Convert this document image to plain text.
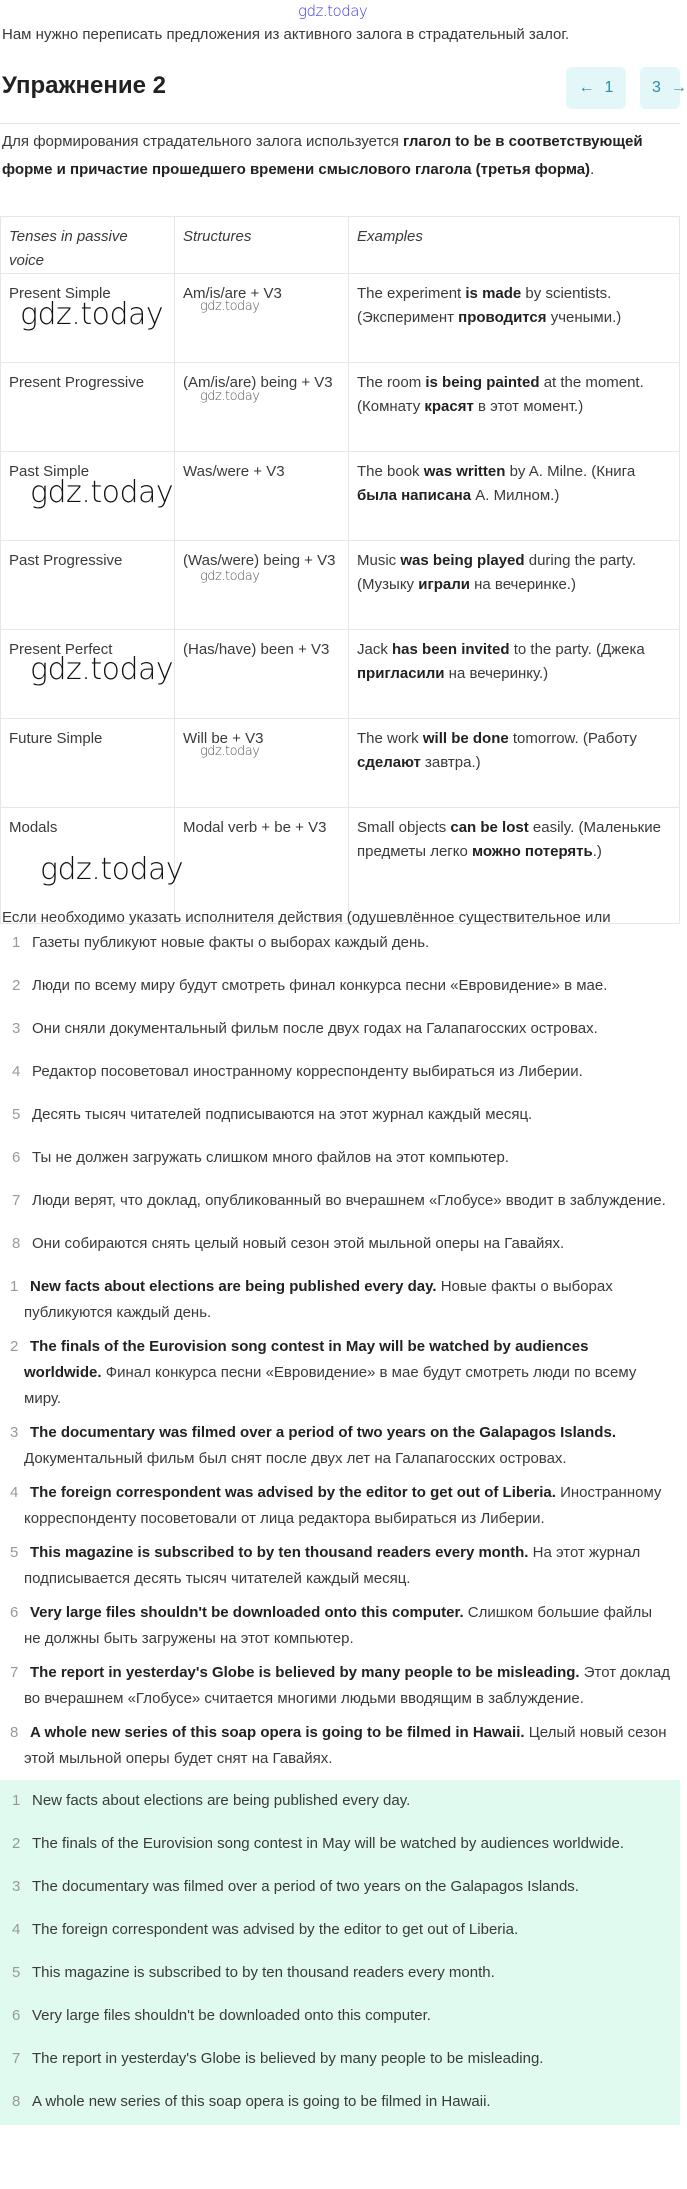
Нам нужно переписать предложения из активного залога в страдательный залог.
Упражнение 2	← 1 3 →
Для формирования страдательного залога используется глагол to be в соответствующей форме и причастие прошедшего времени смыслового глагола (третья форма).
Tenses in passive voice	Structures	Examples
Present Simple	Am/is/are + V3	The experiment is made by scientists. (Эксперимент проводится учеными.)
Present Progressive	(Am/is/are) being + V3	The room is being painted at the moment. (Комнату красят в этот момент.)
Past Simple	Was/were + V3	The book was written by A. Milne. (Книга была написана А. Милном.)
Past Progressive	(Was/were) being + V3	Music was being played during the party. (Музыку играли на вечеринке.)
Present Perfect	(Has/have) been + V3	Jack has been invited to the party. (Джека пригласили на вечеринку.)
Future Simple	Will be + V3	The work will be done tomorrow. (Работу сделают завтра.)
Modals	Modal verb + be + V3	Small objects can be lost easily. (Маленькие предметы легко можно потерять.)
Если необходимо указать исполнителя действия (одушевлённое существительное или
1 Газеты публикуют новые факты о выборах каждый день.
2 Люди по всему миру будут смотреть финал конкурса песни «Евровидение» в мае.
3 Они сняли документальный фильм после двух годах на Галапагосских островах.
4 Редактор посоветовал иностранному корреспонденту выбираться из Либерии.
5 Десять тысяч читателей подписываются на этот журнал каждый месяц.
6 Ты не должен загружать слишком много файлов на этот компьютер.
7 Люди верят, что доклад, опубликованный во вчерашнем «Глобусе» вводит в заблуждение.
8 Они собираются снять целый новый сезон этой мыльной оперы на Гавайях.
1 New facts about elections are being published every day. Новые факты о выборах публикуются каждый день.
2 The finals of the Eurovision song contest in May will be watched by audiences worldwide. Финал конкурса песни «Евровидение» в мае будут смотреть люди по всему миру.
3 The documentary was filmed over a period of two years on the Galapagos Islands. Документальный фильм был снят после двух лет на Галапагосских островах.
4 The foreign correspondent was advised by the editor to get out of Liberia. Иностранному корреспонденту посоветовали от лица редактора выбираться из Либерии.
5 This magazine is subscribed to by ten thousand readers every month. На этот журнал подписывается десять тысяч читателей каждый месяц.
6 Very large files shouldn't be downloaded onto this computer. Слишком большие файлы не должны быть загружены на этот компьютер.
7 The report in yesterday's Globe is believed by many people to be misleading. Этот доклад во вчерашнем «Глобусе» считается многими людьми вводящим в заблуждение.
8 A whole new series of this soap opera is going to be filmed in Hawaii. Целый новый сезон этой мыльной оперы будет снят на Гавайях.
1 New facts about elections are being published every day.
2 The finals of the Eurovision song contest in May will be watched by audiences worldwide.
3 The documentary was filmed over a period of two years on the Galapagos Islands.
4 The foreign correspondent was advised by the editor to get out of Liberia.
5 This magazine is subscribed to by ten thousand readers every month.
6 Very large files shouldn't be downloaded onto this computer.
7 The report in yesterday's Globe is believed by many people to be misleading.
8 A whole new series of this soap opera is going to be filmed in Hawaii.
gdz.today
gdz.today
gdz.today
gdz.today
gdz.today
gdz.today
gdz.today
gdz.today
gdz.today
